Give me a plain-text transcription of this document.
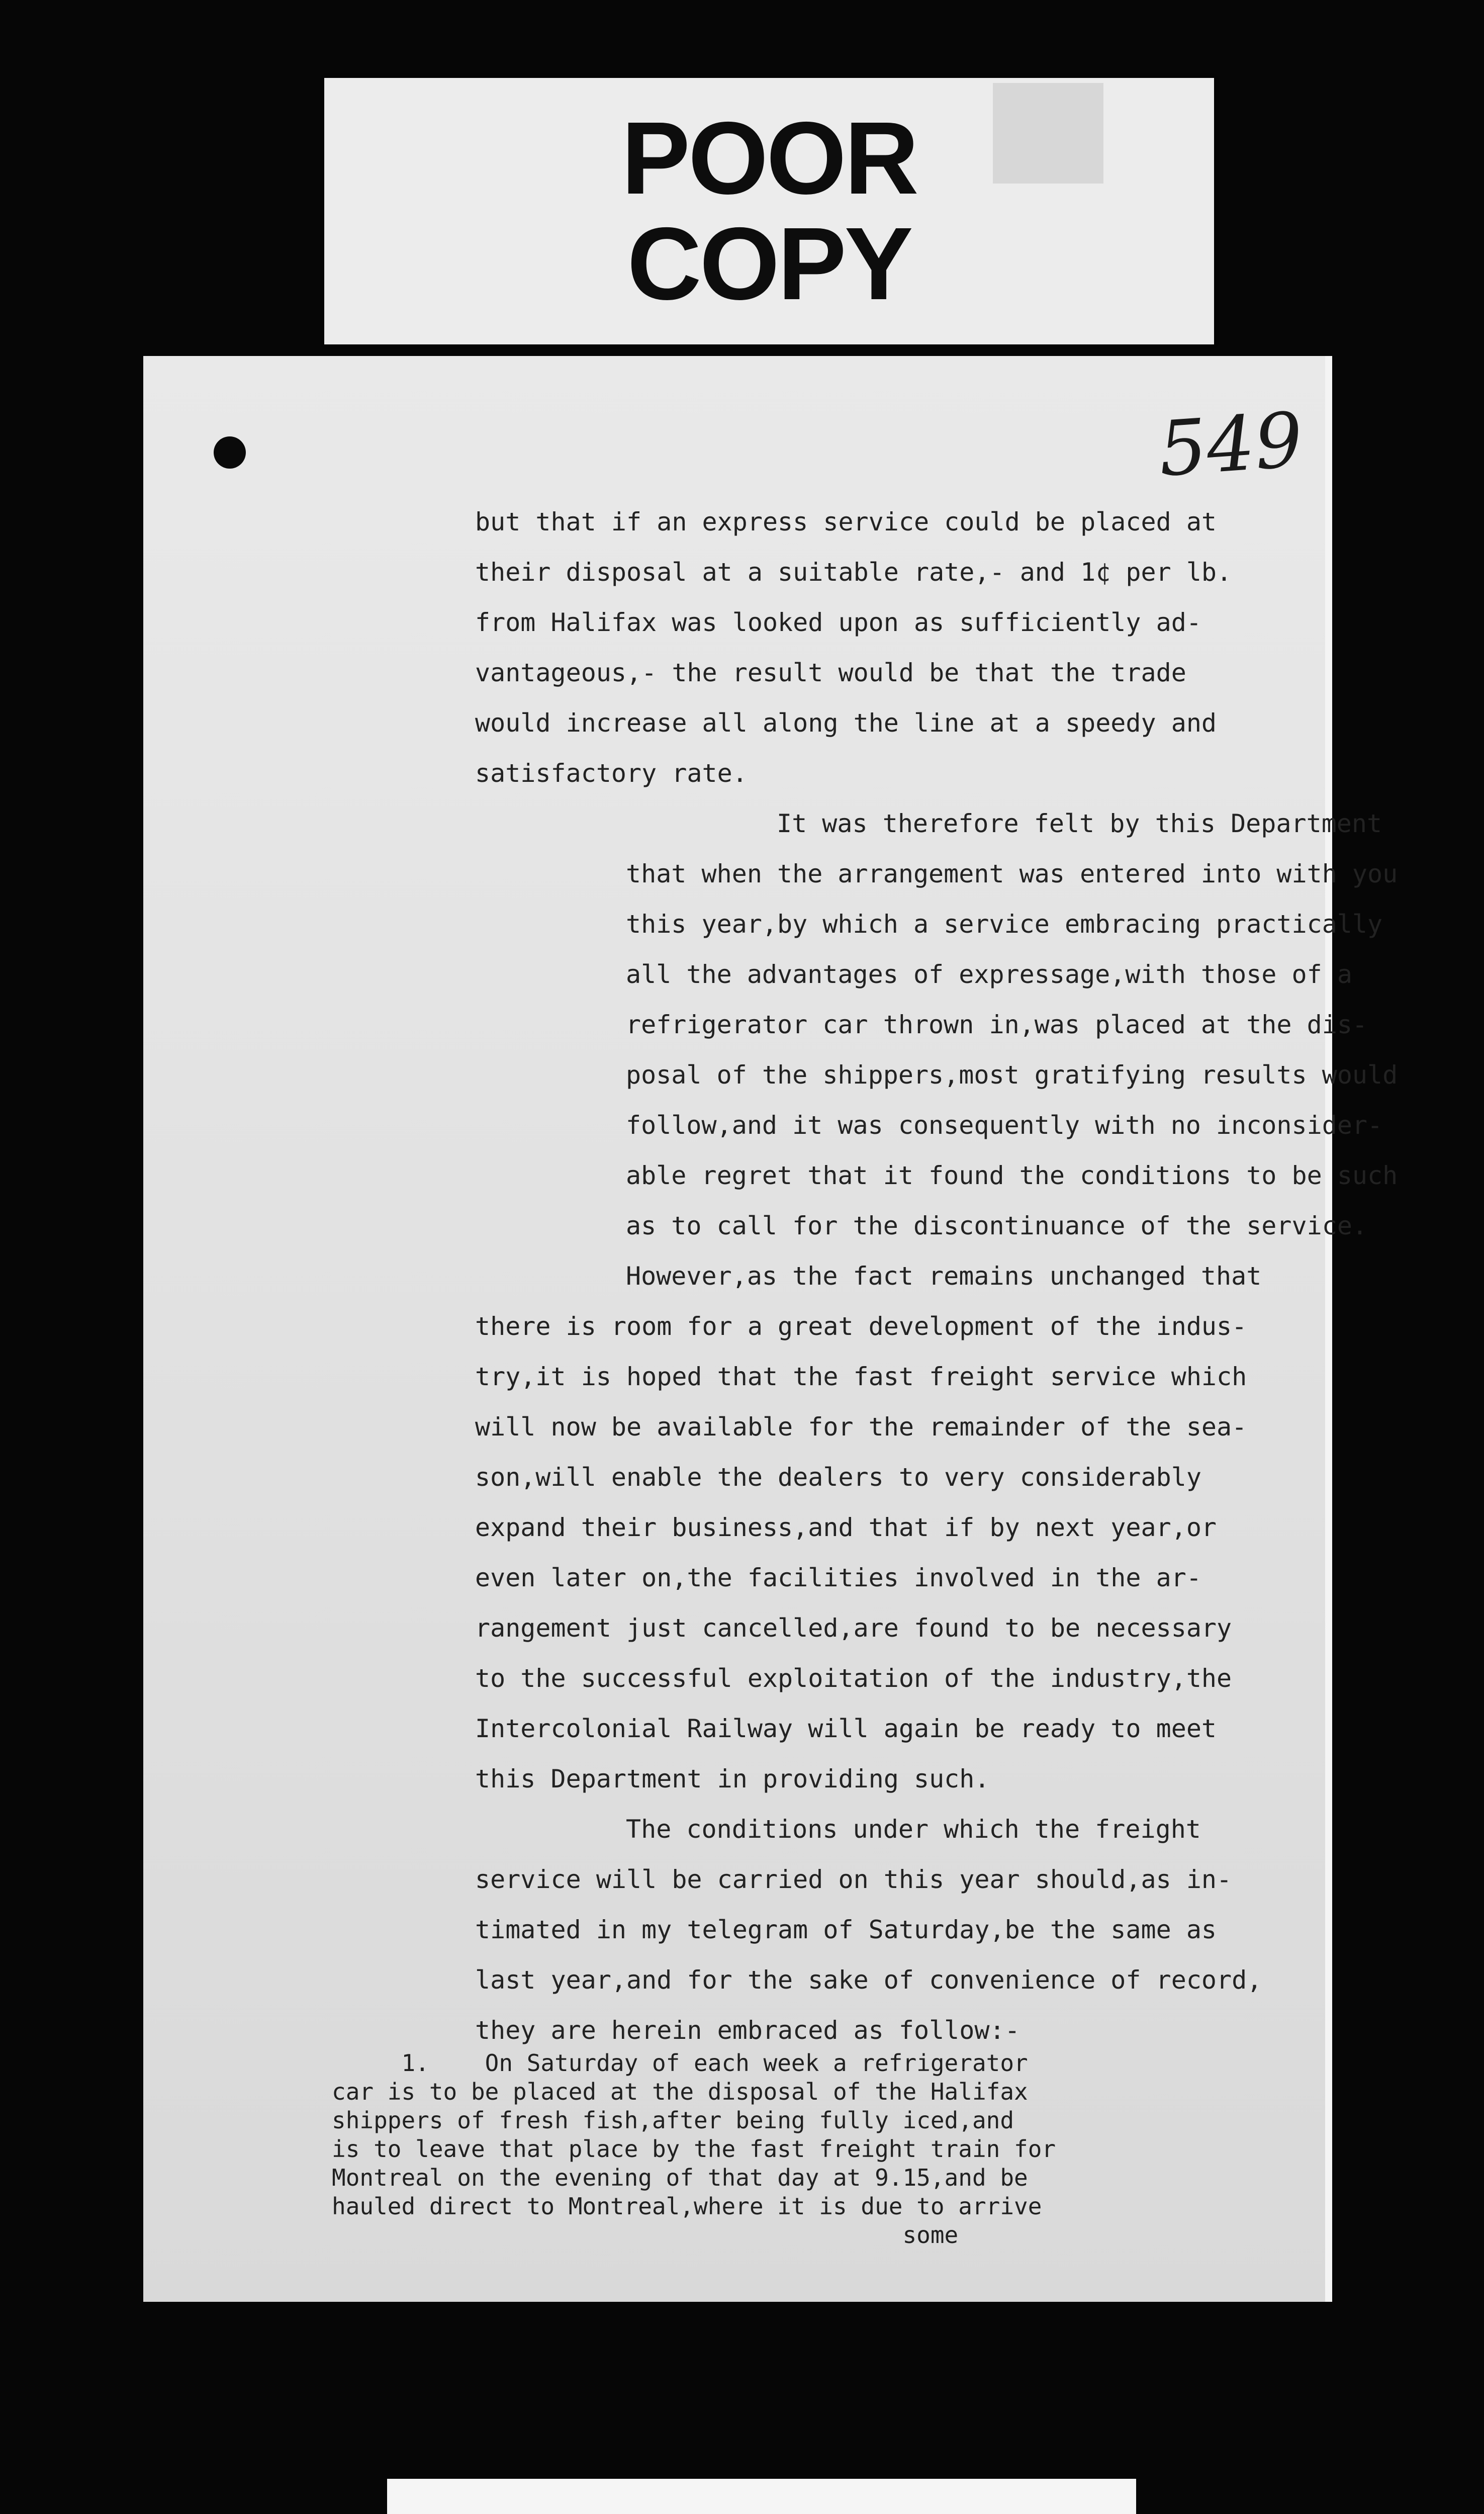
POOR
COPY
549

but that if an express service could be placed at
their disposal at a suitable rate,- and 1¢ per lb.
from Halifax was looked upon as sufficiently ad-
vantageous,- the result would be that the trade
would increase all along the line at a speedy and
satisfactory rate.

It was therefore felt by this Department
that when the arrangement was entered into with you
this year,by which a service embracing practically
all the advantages of expressage,with those of a
refrigerator car thrown in,was placed at the dis-
posal of the shippers,most gratifying results would
follow,and it was consequently with no inconsider-
able regret that it found the conditions to be such
as to call for the discontinuance of the service.

However,as the fact remains unchanged that
there is room for a great development of the indus-
try,it is hoped that the fast freight service which
will now be available for the remainder of the sea-
son,will enable the dealers to very considerably
expand their business,and that if by next year,or
even later on,the facilities involved in the ar-
rangement just cancelled,are found to be necessary
to the successful exploitation of the industry,the
Intercolonial Railway will again be ready to meet
this Department in providing such.

The conditions under which the freight
service will be carried on this year should,as in-
timated in my telegram of Saturday,be the same as
last year,and for the sake of convenience of record,
they are herein embraced as follow:-

1.    On Saturday of each week a refrigerator
car is to be placed at the disposal of the Halifax
shippers of fresh fish,after being fully iced,and
is to leave that place by the fast freight train for
Montreal on the evening of that day at 9.15,and be
hauled direct to Montreal,where it is due to arrive
some
